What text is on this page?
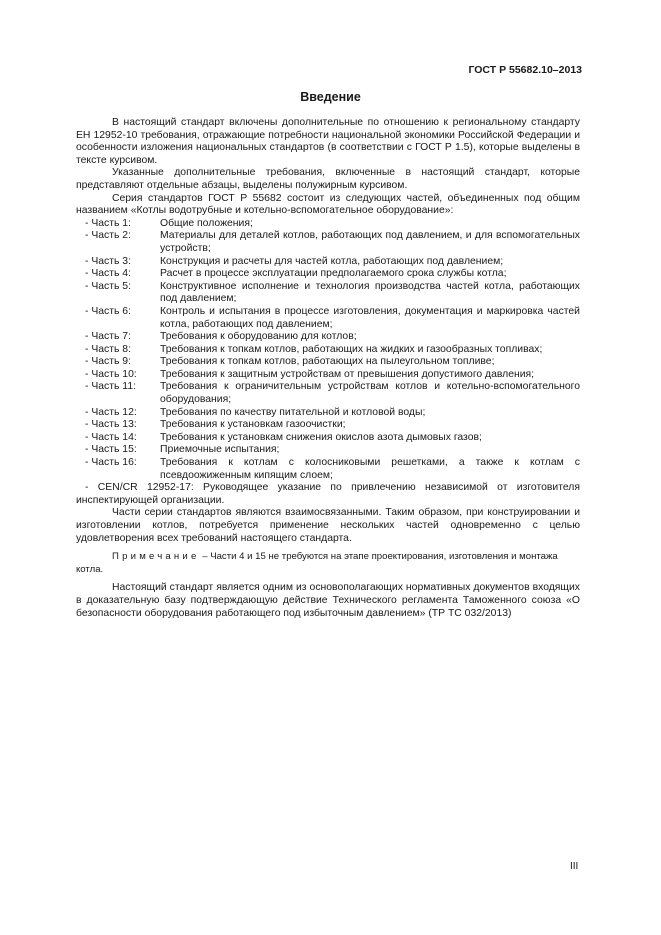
ГОСТ Р 55682.10–2013
Введение

В настоящий стандарт включены дополнительные по отношению к региональному стандарту ЕН 12952-10 требования, отражающие потребности национальной экономики Российской Федерации и особенности изложения национальных стандартов (в соответствии с ГОСТ Р 1.5), которые выделены в тексте курсивом.

Указанные дополнительные требования, включенные в настоящий стандарт, которые представляют отдельные абзацы, выделены полужирным курсивом.

Серия стандартов ГОСТ Р 55682 состоит из следующих частей, объединенных под общим названием «Котлы водотрубные и котельно-вспомогательное оборудование»:

- Часть 1:	Общие положения;

- Часть 2:	Материалы для деталей котлов, работающих под давлением, и для вспомогательных устройств;

- Часть 3:	Конструкция и расчеты для частей котла, работающих под давлением;

- Часть 4:	Расчет в процессе эксплуатации предполагаемого срока службы котла;

- Часть 5:	Конструктивное исполнение и технология производства частей котла, работающих под давлением;

- Часть 6:	Контроль и испытания в процессе изготовления, документация и маркировка частей котла, работающих под давлением;

- Часть 7:	Требования к оборудованию для котлов;

- Часть 8:	Требования к топкам котлов, работающих на жидких и газообразных топливах;

- Часть 9:	Требования к топкам котлов, работающих на пылеугольном топливе;

- Часть 10: Требования к защитным устройствам от превышения допустимого давления;

- Часть 11: Требования к ограничительным устройствам котлов и котельно-вспомогательного оборудования;

- Часть 12: Требования по качеству питательной и котловой воды;

- Часть 13: Требования к установкам газоочистки;

- Часть 14: Требования к установкам снижения окислов азота дымовых газов;

- Часть 15: Приемочные испытания;

- Часть 16: Требования к котлам с колосниковыми решетками, а также к котлам с псевдоожиженным кипящим слоем;

- CEN/CR 12952-17: Руководящее указание по привлечению независимой от изготовителя инспектирующей организации.

Части серии стандартов являются взаимосвязанными. Таким образом, при конструировании и изготовлении котлов, потребуется применение нескольких частей одновременно с целью удовлетворения всех требований настоящего стандарта.

Примечание – Части 4 и 15 не требуются на этапе проектирования, изготовления и монтажа котла.

Настоящий стандарт является одним из основополагающих нормативных документов входящих в доказательную базу подтверждающую действие Технического регламента Таможенного союза «О безопасности оборудования работающего под избыточным давлением» (ТР ТС 032/2013)

III
